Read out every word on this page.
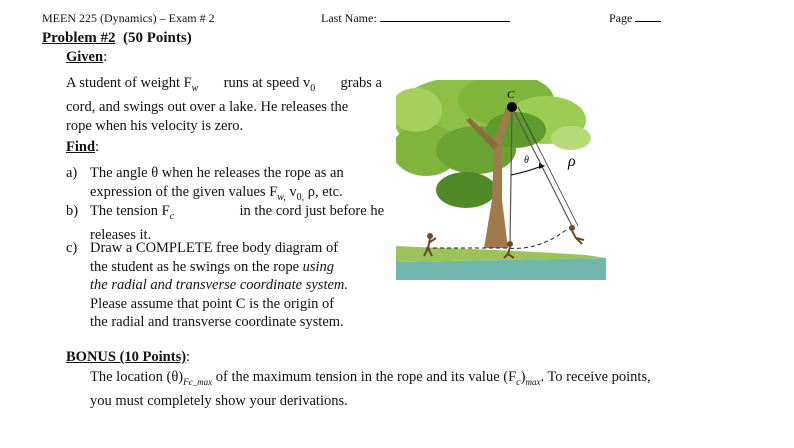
MEEN 225 (Dynamics) – Exam # 2	Last Name:	Page
Problem #2 (50 Points)
Given:
A student of weight $F_w$ runs at speed $v_0$ grabs a
cord, and swings out over a lake. He releases the
rope when his velocity is zero.
Find:
a) The angle θ when he releases the rope as an
expression of the given values $F_{w,}$ $v_{0,}$ ρ, etc.
b) The tension $F_c$	in the cord just before he
releases it.
c) Draw a COMPLETE free body diagram of
the student as he swings on the rope using
the radial and transverse coordinate system.
Please assume that point C is the origin of
the radial and transverse coordinate system.
BONUS (10 Points):
The location $(\theta)_{Fc\_max}$ of the maximum tension in the rope and its value $(F_c)_{max}$. To receive points,
you must completely show your derivations.
C
θ ρ
